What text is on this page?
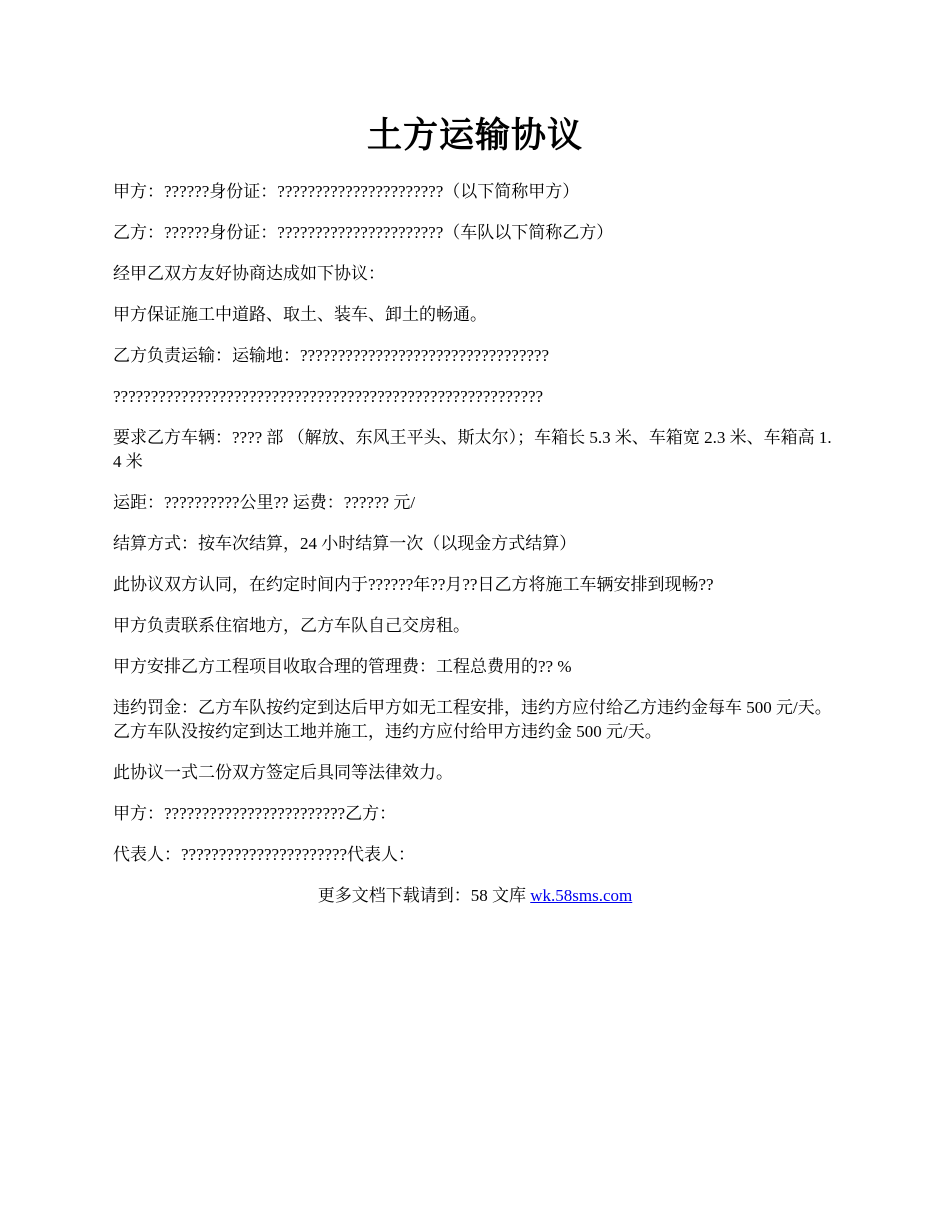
土方运输协议

甲方：??????身份证：??????????????????????（以下简称甲方）

乙方：??????身份证：??????????????????????（车队以下简称乙方）

经甲乙双方友好协商达成如下协议：

甲方保证施工中道路、取土、装车、卸土的畅通。

乙方负责运输：运输地：?????????????????????????????????

?????????????????????????????????????????????????????????

要求乙方车辆：???? 部 （解放、东风王平头、斯太尔）；车箱长 5.3 米、车箱宽 2.3 米、车箱高 1.4 米

运距：??????????公里?? 运费：?????? 元/

结算方式：按车次结算，24 小时结算一次（以现金方式结算）

此协议双方认同，在约定时间内于??????年??月??日乙方将施工车辆安排到现畅??

甲方负责联系住宿地方，乙方车队自己交房租。

甲方安排乙方工程项目收取合理的管理费：工程总费用的?? %

违约罚金：乙方车队按约定到达后甲方如无工程安排，违约方应付给乙方违约金每车 500 元/天。乙方车队没按约定到达工地并施工，违约方应付给甲方违约金 500 元/天。

此协议一式二份双方签定后具同等法律效力。

甲方：????????????????????????乙方：

代表人：??????????????????????代表人：

更多文档下载请到：58 文库 wk.58sms.com
